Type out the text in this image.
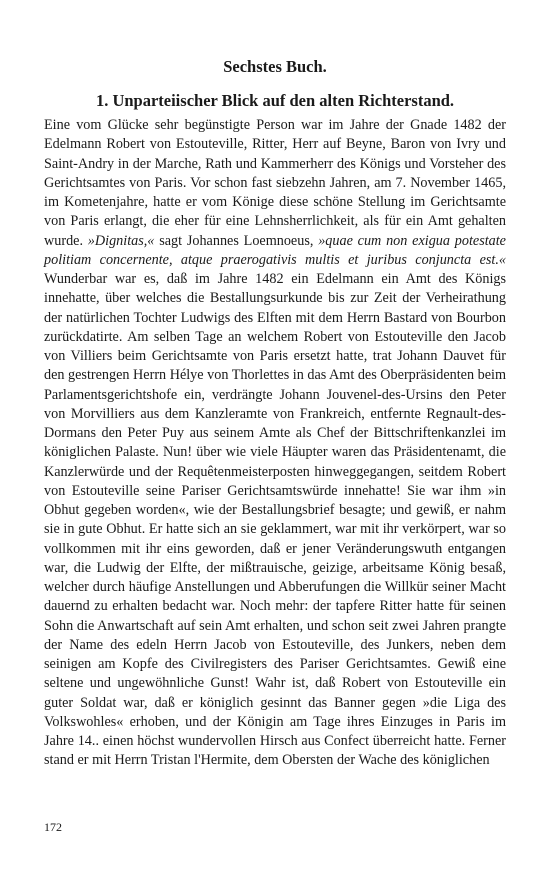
Sechstes Buch.
1. Unparteiischer Blick auf den alten Richterstand.

Eine vom Glücke sehr begünstigte Person war im Jahre der Gnade 1482 der Edelmann Robert von Estouteville, Ritter, Herr auf Beyne, Baron von Ivry und Saint-Andry in der Marche, Rath und Kammerherr des Königs und Vorsteher des Gerichtsamtes von Paris. Vor schon fast siebzehn Jahren, am 7. November 1465, im Kometenjahre, hatte er vom Könige diese schöne Stellung im Gerichtsamte von Paris erlangt, die eher für eine Lehnsherrlichkeit, als für ein Amt gehalten wurde. »Dignitas,« sagt Johannes Loemnoeus, »quae cum non exigua potestate politiam concernente, atque praerogativis multis et juribus conjuncta est.« Wunderbar war es, daß im Jahre 1482 ein Edelmann ein Amt des Königs innehatte, über welches die Bestallungsurkunde bis zur Zeit der Verheirathung der natürlichen Tochter Ludwigs des Elften mit dem Herrn Bastard von Bourbon zurückdatirte. Am selben Tage an welchem Robert von Estouteville den Jacob von Villiers beim Gerichtsamte von Paris ersetzt hatte, trat Johann Dauvet für den gestrengen Herrn Hélye von Thorlettes in das Amt des Oberpräsidenten beim Parlamentsgerichtshofe ein, verdrängte Johann Jouvenel-des-Ursins den Peter von Morvilliers aus dem Kanzleramte von Frankreich, entfernte Regnault-des-Dormans den Peter Puy aus seinem Amte als Chef der Bittschriftenkanzlei im königlichen Palaste. Nun! über wie viele Häupter waren das Präsidentenamt, die Kanzlerwürde und der Requêtenmeisterposten hinweggegangen, seitdem Robert von Estouteville seine Pariser Gerichtsamtswürde innehatte! Sie war ihm »in Obhut gegeben worden«, wie der Bestallungsbrief besagte; und gewiß, er nahm sie in gute Obhut. Er hatte sich an sie geklammert, war mit ihr verkörpert, war so vollkommen mit ihr eins geworden, daß er jener Veränderungswuth entgangen war, die Ludwig der Elfte, der mißtrauische, geizige, arbeitsame König besaß, welcher durch häufige Anstellungen und Abberufungen die Willkür seiner Macht dauernd zu erhalten bedacht war. Noch mehr: der tapfere Ritter hatte für seinen Sohn die Anwartschaft auf sein Amt erhalten, und schon seit zwei Jahren prangte der Name des edeln Herrn Jacob von Estouteville, des Junkers, neben dem seinigen am Kopfe des Civilregisters des Pariser Gerichtsamtes. Gewiß eine seltene und ungewöhnliche Gunst! Wahr ist, daß Robert von Estouteville ein guter Soldat war, daß er königlich gesinnt das Banner gegen »die Liga des Volkswohles« erhoben, und der Königin am Tage ihres Einzuges in Paris im Jahre 14.. einen höchst wundervollen Hirsch aus Confect überreicht hatte. Ferner stand er mit Herrn Tristan l'Hermite, dem Obersten der Wache des königlichen

172
